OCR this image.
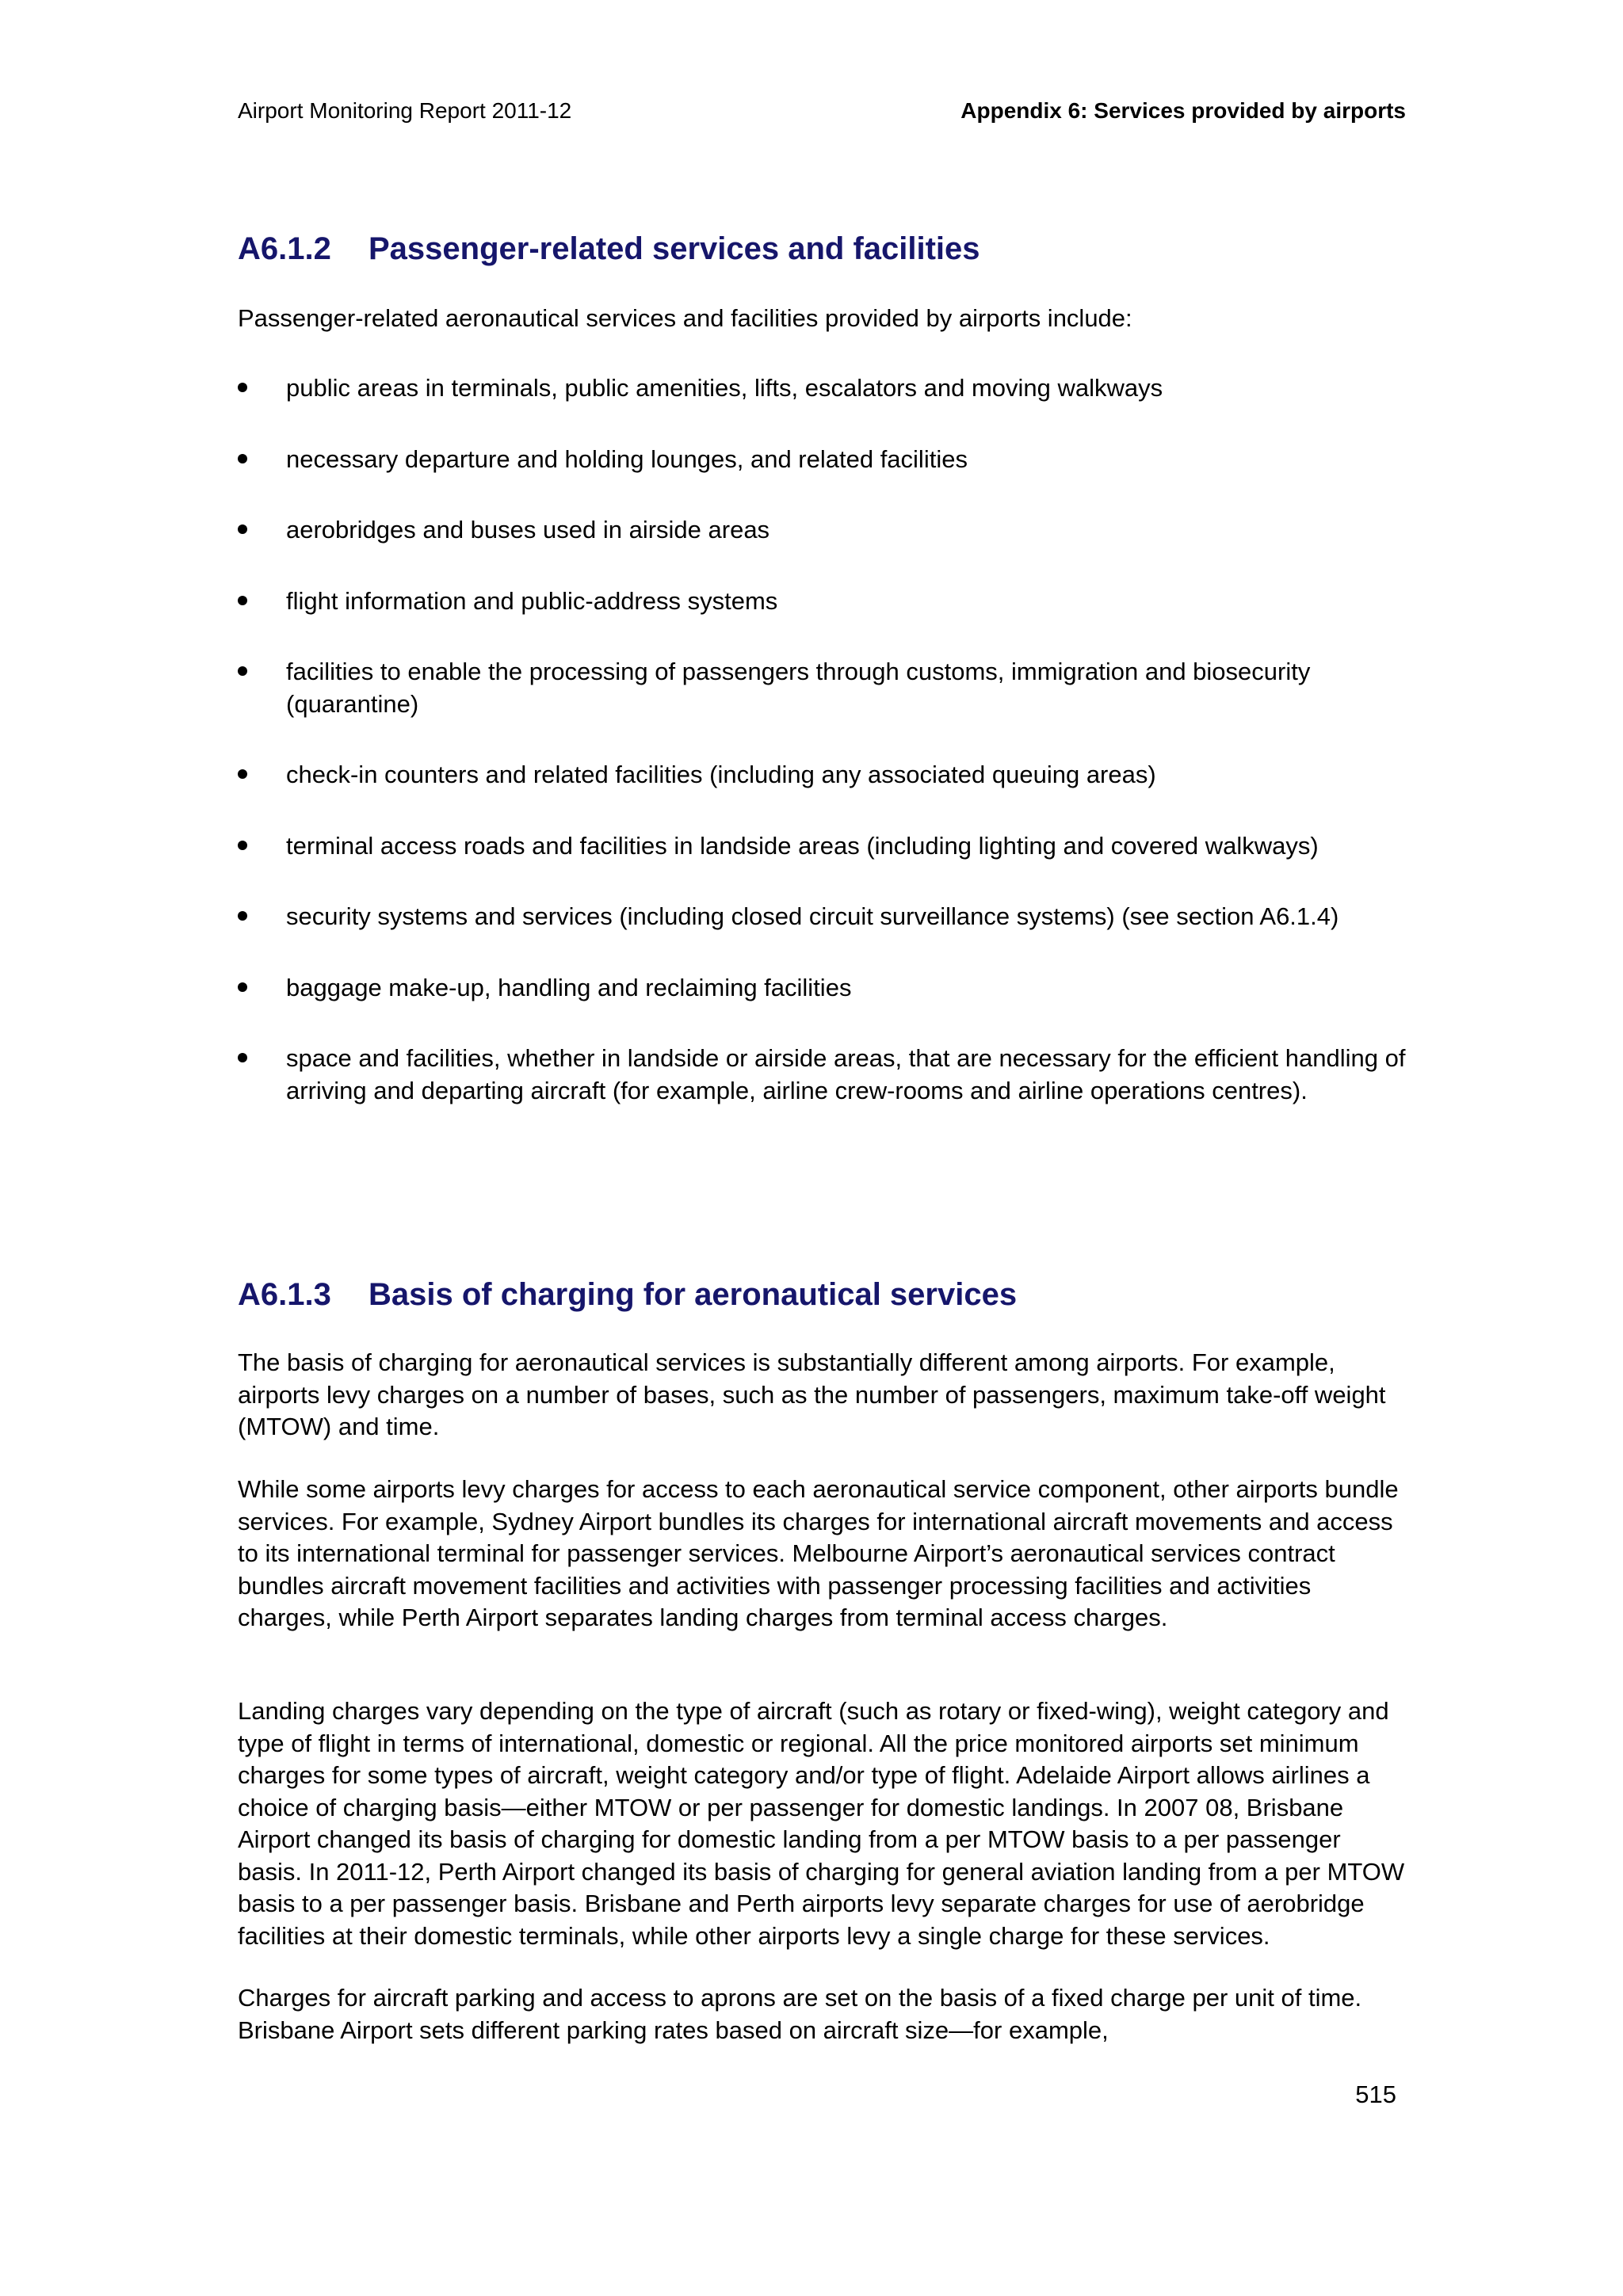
Airport Monitoring Report 2011-12	Appendix 6: Services provided by airports
A6.1.2 Passenger-related services and facilities

Passenger-related aeronautical services and facilities provided by airports include:

public areas in terminals, public amenities, lifts, escalators and moving walkways
necessary departure and holding lounges, and related facilities
aerobridges and buses used in airside areas
flight information and public-address systems
facilities to enable the processing of passengers through customs, immigration and biosecurity (quarantine)
check-in counters and related facilities (including any associated queuing areas)
terminal access roads and facilities in landside areas (including lighting and covered walkways)
security systems and services (including closed circuit surveillance systems) (see section A6.1.4)
baggage make-up, handling and reclaiming facilities
space and facilities, whether in landside or airside areas, that are necessary for the efficient handling of arriving and departing aircraft (for example, airline crew-rooms and airline operations centres).
A6.1.3 Basis of charging for aeronautical services

The basis of charging for aeronautical services is substantially different among airports. For example, airports levy charges on a number of bases, such as the number of passengers, maximum take-off weight (MTOW) and time.

While some airports levy charges for access to each aeronautical service component, other airports bundle services. For example, Sydney Airport bundles its charges for international aircraft movements and access to its international terminal for passenger services. Melbourne Airport’s aeronautical services contract bundles aircraft movement facilities and activities with passenger processing facilities and activities charges, while Perth Airport separates landing charges from terminal access charges.

Landing charges vary depending on the type of aircraft (such as rotary or fixed-wing), weight category and type of flight in terms of international, domestic or regional. All the price monitored airports set minimum charges for some types of aircraft, weight category and/or type of flight. Adelaide Airport allows airlines a choice of charging basis—either MTOW or per passenger for domestic landings. In 2007 08, Brisbane Airport changed its basis of charging for domestic landing from a per MTOW basis to a per passenger basis. In 2011-12, Perth Airport changed its basis of charging for general aviation landing from a per MTOW basis to a per passenger basis. Brisbane and Perth airports levy separate charges for use of aerobridge facilities at their domestic terminals, while other airports levy a single charge for these services.

Charges for aircraft parking and access to aprons are set on the basis of a fixed charge per unit of time. Brisbane Airport sets different parking rates based on aircraft size—for example,

515
